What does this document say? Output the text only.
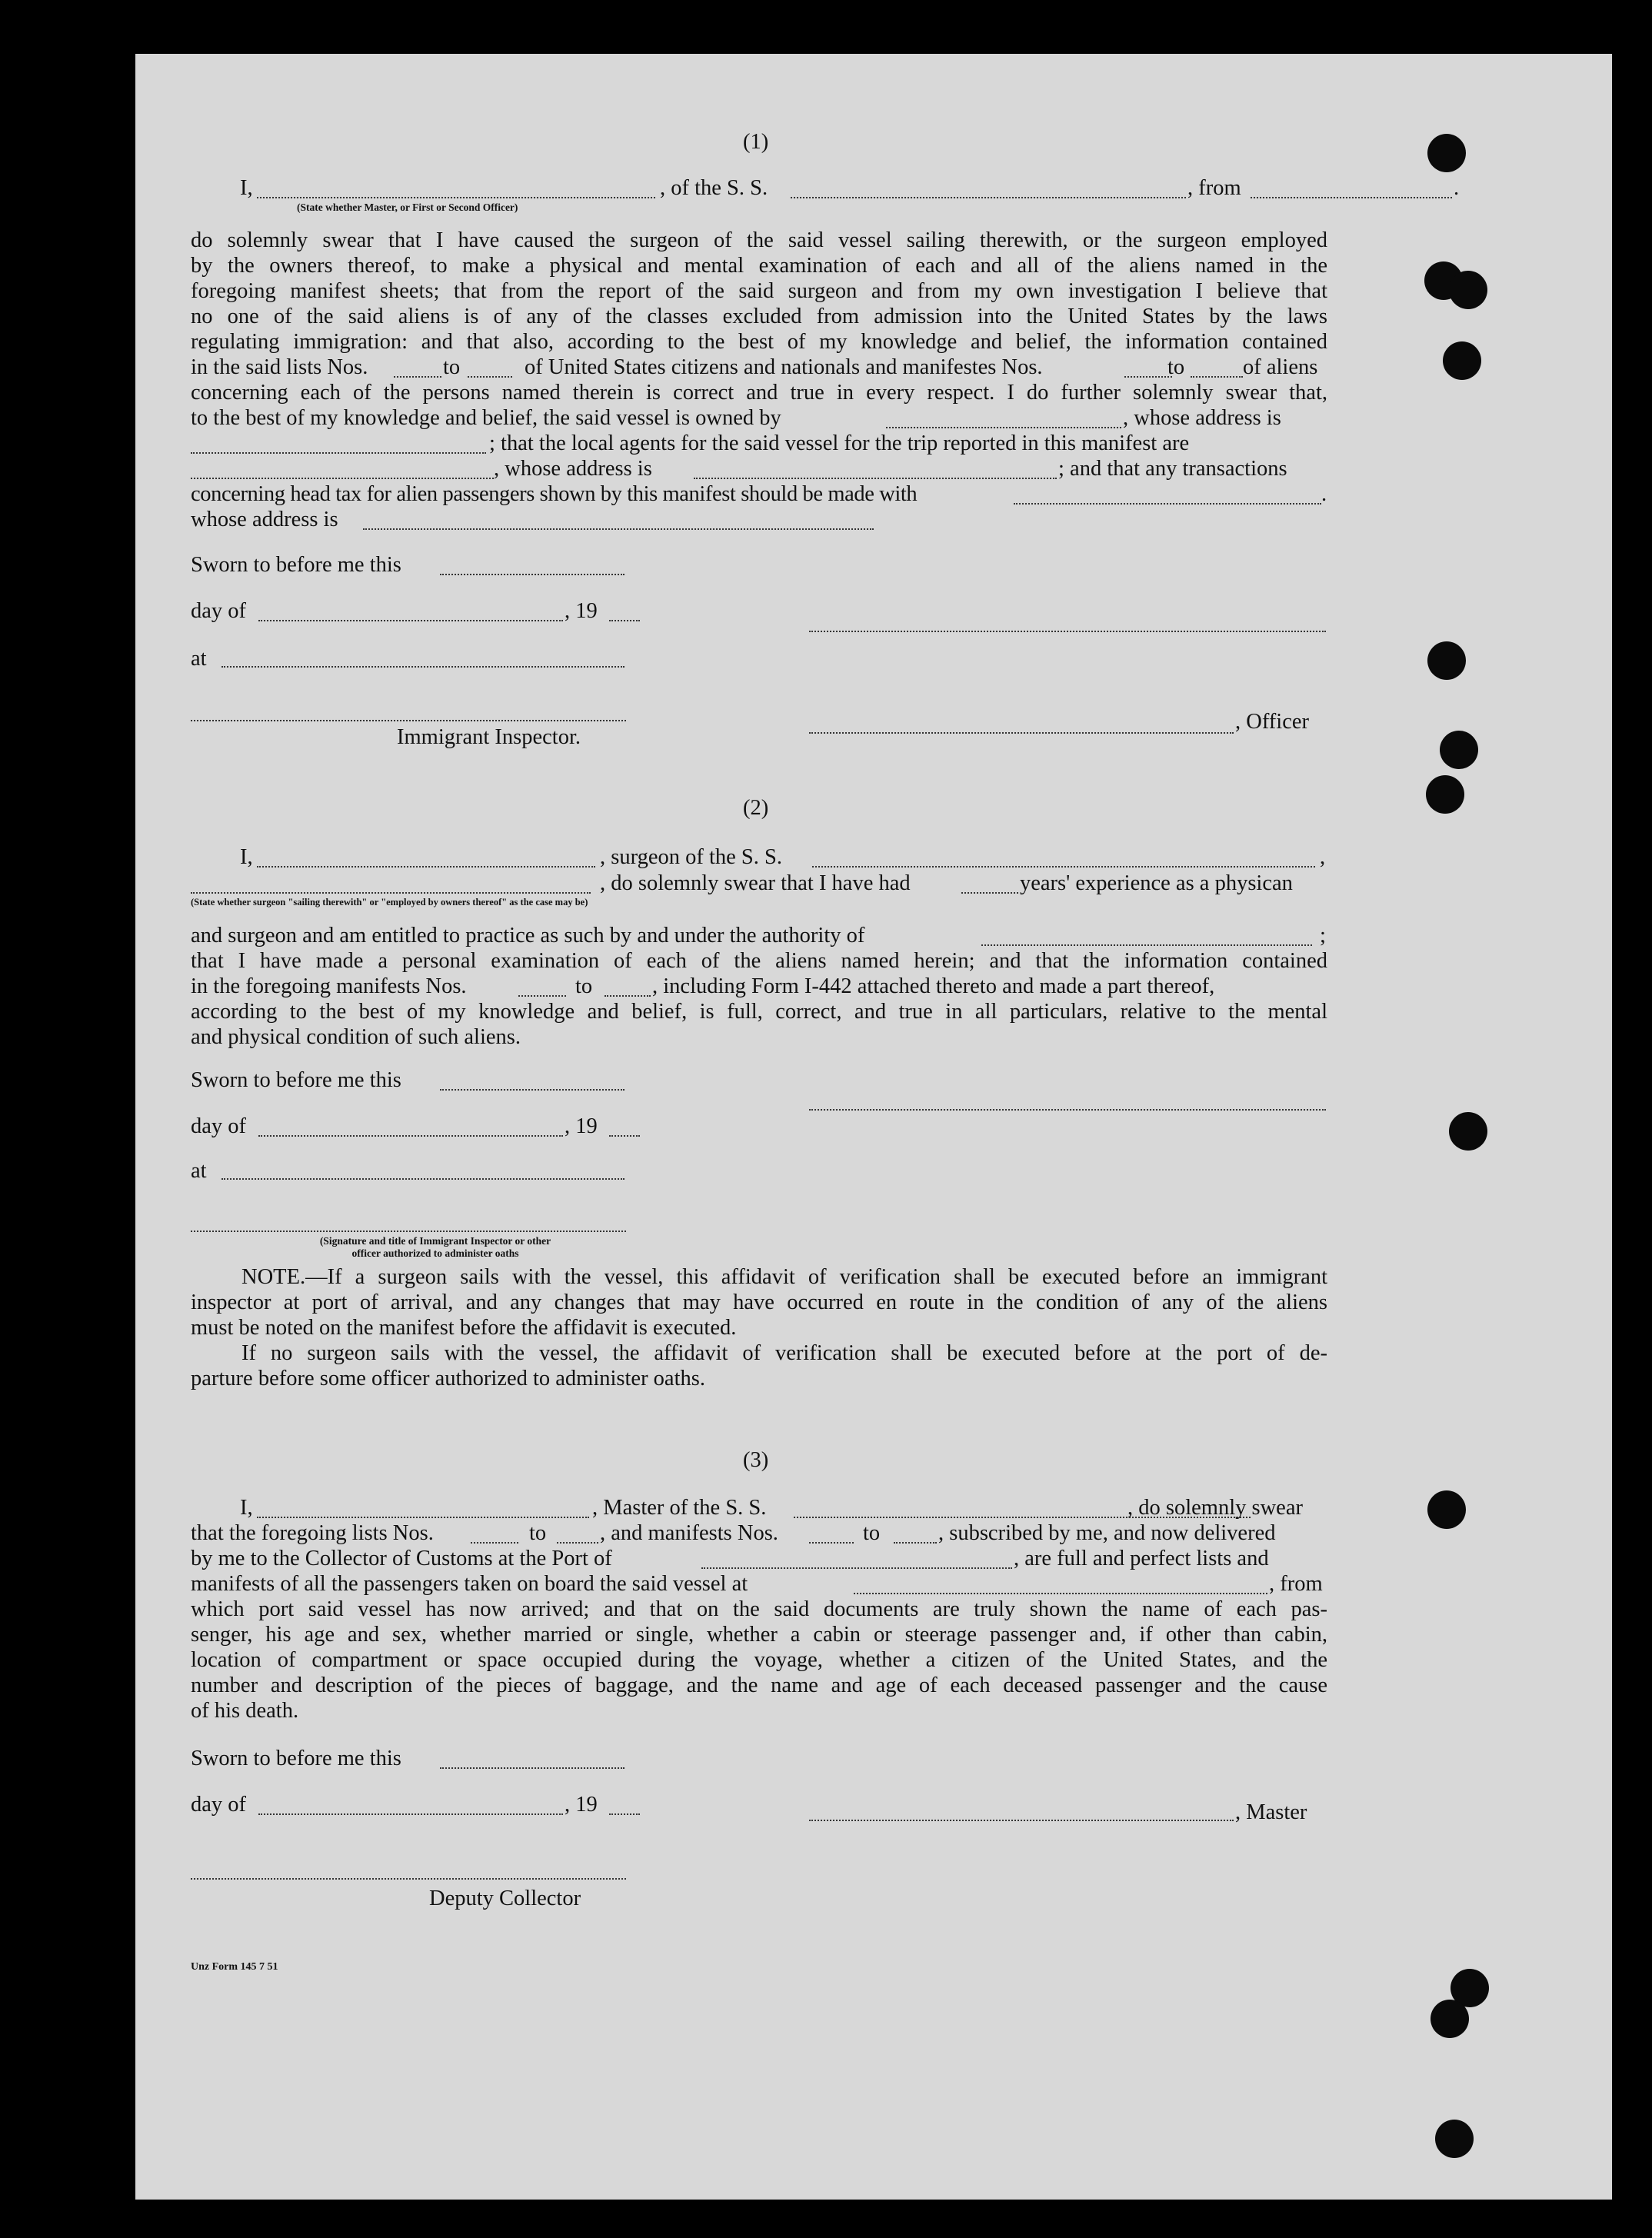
(1)
I,	, of the S. S.	, from	.
(State whether Master, or First or Second Officer)
do solemnly swear that I have caused the surgeon of the said vessel sailing therewith, or the surgeon employed
by the owners thereof, to make a physical and mental examination of each and all of the aliens named in the
foregoing manifest sheets; that from the report of the said surgeon and from my own investigation I believe that
no one of the said aliens is of any of the classes excluded from admission into the United States by the laws
regulating immigration: and that also, according to the best of my knowledge and belief, the information contained
in the said lists Nos.	to	of United States citizens and nationals and manifestes Nos.	to	of aliens
concerning each of the persons named therein is correct and true in every respect. I do further solemnly swear that,
to the best of my knowledge and belief, the said vessel is owned by	, whose address is
; that the local agents for the said vessel for the trip reported in this manifest are
, whose address is	; and that any transactions
concerning head tax for alien passengers shown by this manifest should be made with	.
whose address is
Sworn to before me this
day of	, 19
at
, Officer
Immigrant Inspector.
(2)
I,	, surgeon of the S. S.	,
, do solemnly swear that I have had	years' experience as a physican
(State whether surgeon "sailing therewith" or "employed by owners thereof" as the case may be)
and surgeon and am entitled to practice as such by and under the authority of	;
that I have made a personal examination of each of the aliens named herein; and that the information contained
in the foregoing manifests Nos.	to	, including Form I-442 attached thereto and made a part thereof,
according to the best of my knowledge and belief, is full, correct, and true in all particulars, relative to the mental
and physical condition of such aliens.
Sworn to before me this
day of	, 19
at
(Signature and title of Immigrant Inspector or other
officer authorized to administer oaths
NOTE.—If a surgeon sails with the vessel, this affidavit of verification shall be executed before an immigrant
inspector at port of arrival, and any changes that may have occurred en route in the condition of any of the aliens
must be noted on the manifest before the affidavit is executed.
If no surgeon sails with the vessel, the affidavit of verification shall be executed before at the port of de-
parture before some officer authorized to administer oaths.
(3)
I,	, Master of the S. S.	, do solemnly swear
that the foregoing lists Nos.	to , and manifests Nos.	to	, subscribed by me, and now delivered
by me to the Collector of Customs at the Port of	, are full and perfect lists and
manifests of all the passengers taken on board the said vessel at	, from
which port said vessel has now arrived; and that on the said documents are truly shown the name of each pas-
senger, his age and sex, whether married or single, whether a cabin or steerage passenger and, if other than cabin,
location of compartment or space occupied during the voyage, whether a citizen of the United States, and the
number and description of the pieces of baggage, and the name and age of each deceased passenger and the cause
of his death.
Sworn to before me this
day of	, 19	, Master
Deputy Collector
Unz Form 145 7 51
